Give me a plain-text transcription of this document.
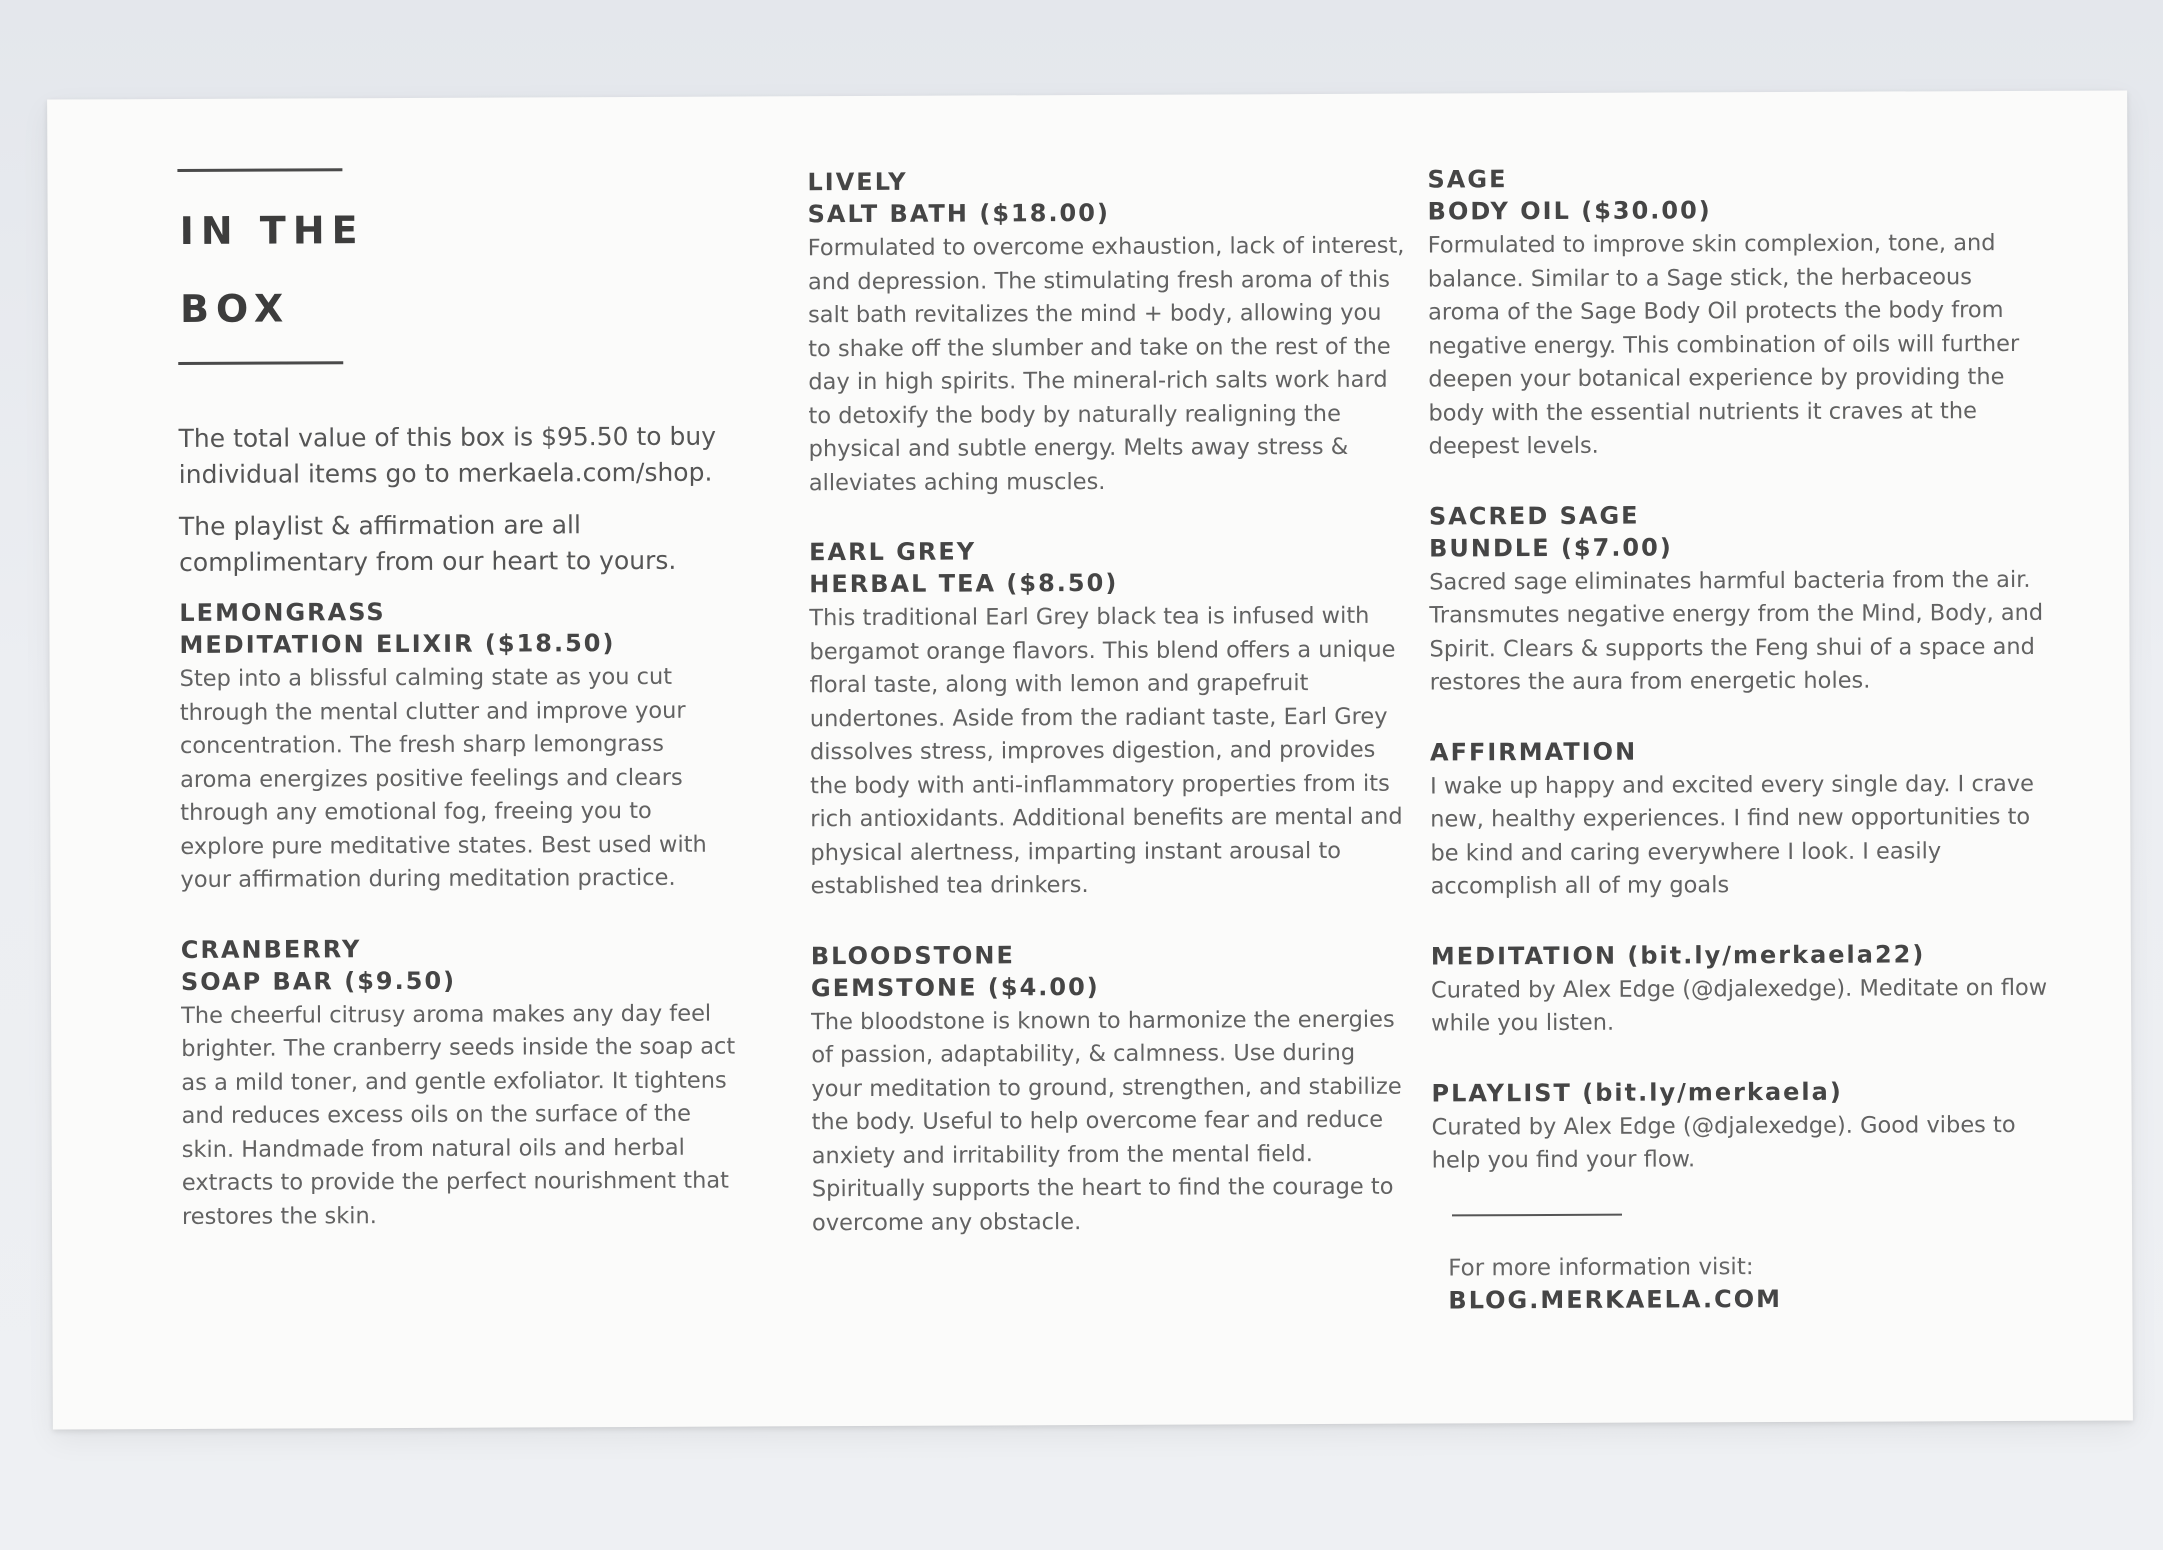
IN THE
BOX

The total value of this box is $95.50 to buy individual items go to merkaela.com/shop.

The playlist & affirmation are all complimentary from our heart to yours.

LEMONGRASS
MEDITATION ELIXIR ($18.50)
Step into a blissful calming state as you cut through the mental clutter and improve your concentration. The fresh sharp lemongrass aroma energizes positive feelings and clears through any emotional fog, freeing you to explore pure meditative states. Best used with your affirmation during meditation practice.
CRANBERRY
SOAP BAR ($9.50)
The cheerful citrusy aroma makes any day feel brighter. The cranberry seeds inside the soap act as a mild toner, and gentle exfoliator. It tightens and reduces excess oils on the surface of the skin. Handmade from natural oils and herbal extracts to provide the perfect nourishment that restores the skin.
LIVELY
SALT BATH ($18.00)
Formulated to overcome exhaustion, lack of interest, and depression. The stimulating fresh aroma of this salt bath revitalizes the mind + body, allowing you to shake off the slumber and take on the rest of the day in high spirits. The mineral-rich salts work hard to detoxify the body by naturally realigning the physical and subtle energy. Melts away stress & alleviates aching muscles.
EARL GREY
HERBAL TEA ($8.50)
This traditional Earl Grey black tea is infused with bergamot orange flavors. This blend offers a unique floral taste, along with lemon and grapefruit undertones. Aside from the radiant taste, Earl Grey dissolves stress, improves digestion, and provides the body with anti-inflammatory properties from its rich antioxidants. Additional benefits are mental and physical alertness, imparting instant arousal to established tea drinkers.
BLOODSTONE
GEMSTONE ($4.00)
The bloodstone is known to harmonize the energies of passion, adaptability, & calmness. Use during your meditation to ground, strengthen, and stabilize the body. Useful to help overcome fear and reduce anxiety and irritability from the mental field. Spiritually supports the heart to find the courage to overcome any obstacle.
SAGE
BODY OIL ($30.00)
Formulated to improve skin complexion, tone, and balance. Similar to a Sage stick, the herbaceous aroma of the Sage Body Oil protects the body from negative energy. This combination of oils will further deepen your botanical experience by providing the body with the essential nutrients it craves at the deepest levels.
SACRED SAGE
BUNDLE ($7.00)
Sacred sage eliminates harmful bacteria from the air. Transmutes negative energy from the Mind, Body, and Spirit. Clears & supports the Feng shui of a space and restores the aura from energetic holes.
AFFIRMATION
I wake up happy and excited every single day. I crave new, healthy experiences. I find new opportunities to be kind and caring everywhere I look. I easily accomplish all of my goals
MEDITATION (bit.ly/merkaela22)
Curated by Alex Edge (@djalexedge). Meditate on flow while you listen.
PLAYLIST (bit.ly/merkaela)
Curated by Alex Edge (@djalexedge). Good vibes to help you find your flow.
For more information visit:
BLOG.MERKAELA.COM
